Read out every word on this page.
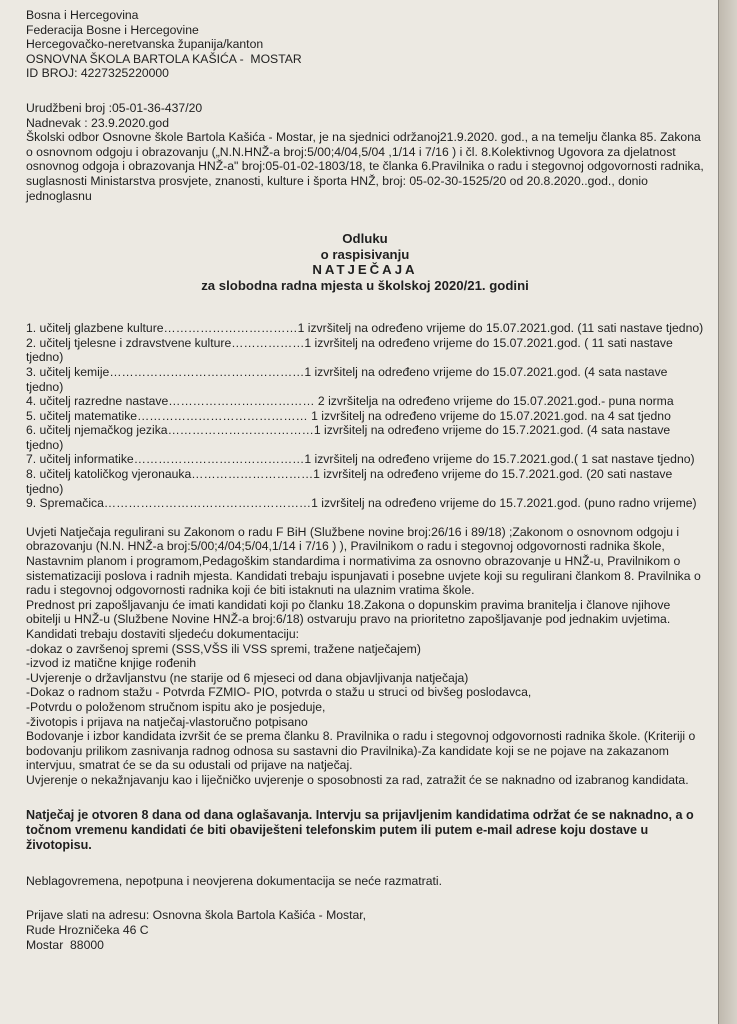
Bosna i Hercegovina
Federacija Bosne i Hercegovine
Hercegovačko-neretvanska županija/kanton
OSNOVNA ŠKOLA BARTOLA KAŠIĆA -  MOSTAR
ID BROJ: 4227325220000
Urudžbeni broj :05-01-36-437/20
Nadnevak : 23.9.2020.god
Školski odbor Osnovne škole Bartola Kašića - Mostar, je na sjednici održanoj21.9.2020. god., a na temelju članka 85. Zakona o osnovnom odgoju i obrazovanju („N.N.HNŽ-a broj:5/00;4/04,5/04 ,1/14 i 7/16 ) i čl. 8.Kolektivnog Ugovora za djelatnost osnovnog odgoja i obrazovanja HNŽ-a" broj:05-01-02-1803/18, te članka 6.Pravilnika o radu i stegovnoj odgovornosti radnika, suglasnosti Ministarstva prosvjete, znanosti, kulture i športa HNŽ, broj: 05-02-30-1525/20 od 20.8.2020..god., donio jednoglasnu

Odluku

o raspisivanju

NATJEČAJA

za slobodna radna mjesta u školskoj 2020/21. godini

1. učitelj glazbene kulture……………………………1 izvršitelj na određeno vrijeme do 15.07.2021.god. (11 sati nastave tjedno)
2. učitelj tjelesne i zdravstvene kulture………………1 izvršitelj na određeno vrijeme do 15.07.2021.god. ( 11 sati nastave tjedno)
3. učitelj kemije…………………………………………1 izvršitelj na određeno vrijeme do 15.07.2021.god. (4 sata nastave tjedno)
4. učitelj razredne nastave……………………………… 2 izvršitelja na određeno vrijeme do 15.07.2021.god.- puna norma
5. učitelj matematike…………………………………… 1 izvršitelj na određeno vrijeme do 15.07.2021.god. na 4 sat tjedno
6. učitelj njemačkog jezika………………………………1 izvršitelj na određeno vrijeme do 15.7.2021.god. (4 sata nastave tjedno)
7. učitelj informatike……………………………………1 izvršitelj na određeno vrijeme do 15.7.2021.god.( 1 sat nastave tjedno)
8. učitelj katoličkog vjeronauka…………………………1 izvršitelj na određeno vrijeme do 15.7.2021.god. (20 sati nastave tjedno)
9. Spremačica……………………………………………1 izvršitelj na određeno vrijeme do 15.7.2021.god. (puno radno vrijeme)
Uvjeti Natječaja regulirani su Zakonom o radu F BiH (Službene novine broj:26/16 i 89/18) ;Zakonom o osnovnom odgoju i obrazovanju (N.N. HNŽ-a broj:5/00;4/04;5/04,1/14 i 7/16 ) ), Pravilnikom o radu i stegovnoj odgovornosti radnika škole, Nastavnim planom i programom,Pedagoškim standardima i normativima za osnovno obrazovanje u HNŽ-u, Pravilnikom o sistematizaciji poslova i radnih mjesta. Kandidati trebaju ispunjavati i posebne uvjete koji su regulirani člankom 8. Pravilnika o radu i stegovnoj odgovornosti radnika koji će biti istaknuti na ulaznim vratima škole.
Prednost pri zapošljavanju će imati kandidati koji po članku 18.Zakona o dopunskim pravima branitelja i članove njihove obitelji u HNŽ-u (Službene Novine HNŽ-a broj:6/18) ostvaruju pravo na prioritetno zapošljavanje pod jednakim uvjetima.
Kandidati trebaju dostaviti sljedeću dokumentaciju:
-dokaz o završenoj spremi (SSS,VŠS ili VSS spremi, tražene natječajem)
-izvod iz matične knjige rođenih
-Uvjerenje o državljanstvu (ne starije od 6 mjeseci od dana objavljivanja natječaja)
-Dokaz o radnom stažu - Potvrda FZMIO- PIO, potvrda o stažu u struci od bivšeg poslodavca,
-Potvrdu o položenom stručnom ispitu ako je posjeduje,
-životopis i prijava na natječaj-vlastoručno potpisano
Bodovanje i izbor kandidata izvršit će se prema članku 8. Pravilnika o radu i stegovnoj odgovornosti radnika škole. (Kriteriji o bodovanju prilikom zasnivanja radnog odnosa su sastavni dio Pravilnika)-Za kandidate koji se ne pojave na zakazanom intervjuu, smatrat će se da su odustali od prijave na natječaj.
Uvjerenje o nekažnjavanju kao i liječničko uvjerenje o sposobnosti za rad, zatražit će se naknadno od izabranog kandidata.
Natječaj je otvoren 8 dana od dana oglašavanja. Intervju sa prijavljenim kandidatima održat će se naknadno, a o točnom vremenu kandidati će biti obaviješteni telefonskim putem ili putem e-mail adrese koju dostave u životopisu.
Neblagovremena, nepotpuna i neovjerena dokumentacija se neće razmatrati.
Prijave slati na adresu: Osnovna škola Bartola Kašića - Mostar,
Rude Hrozničeka 46 C
Mostar  88000
